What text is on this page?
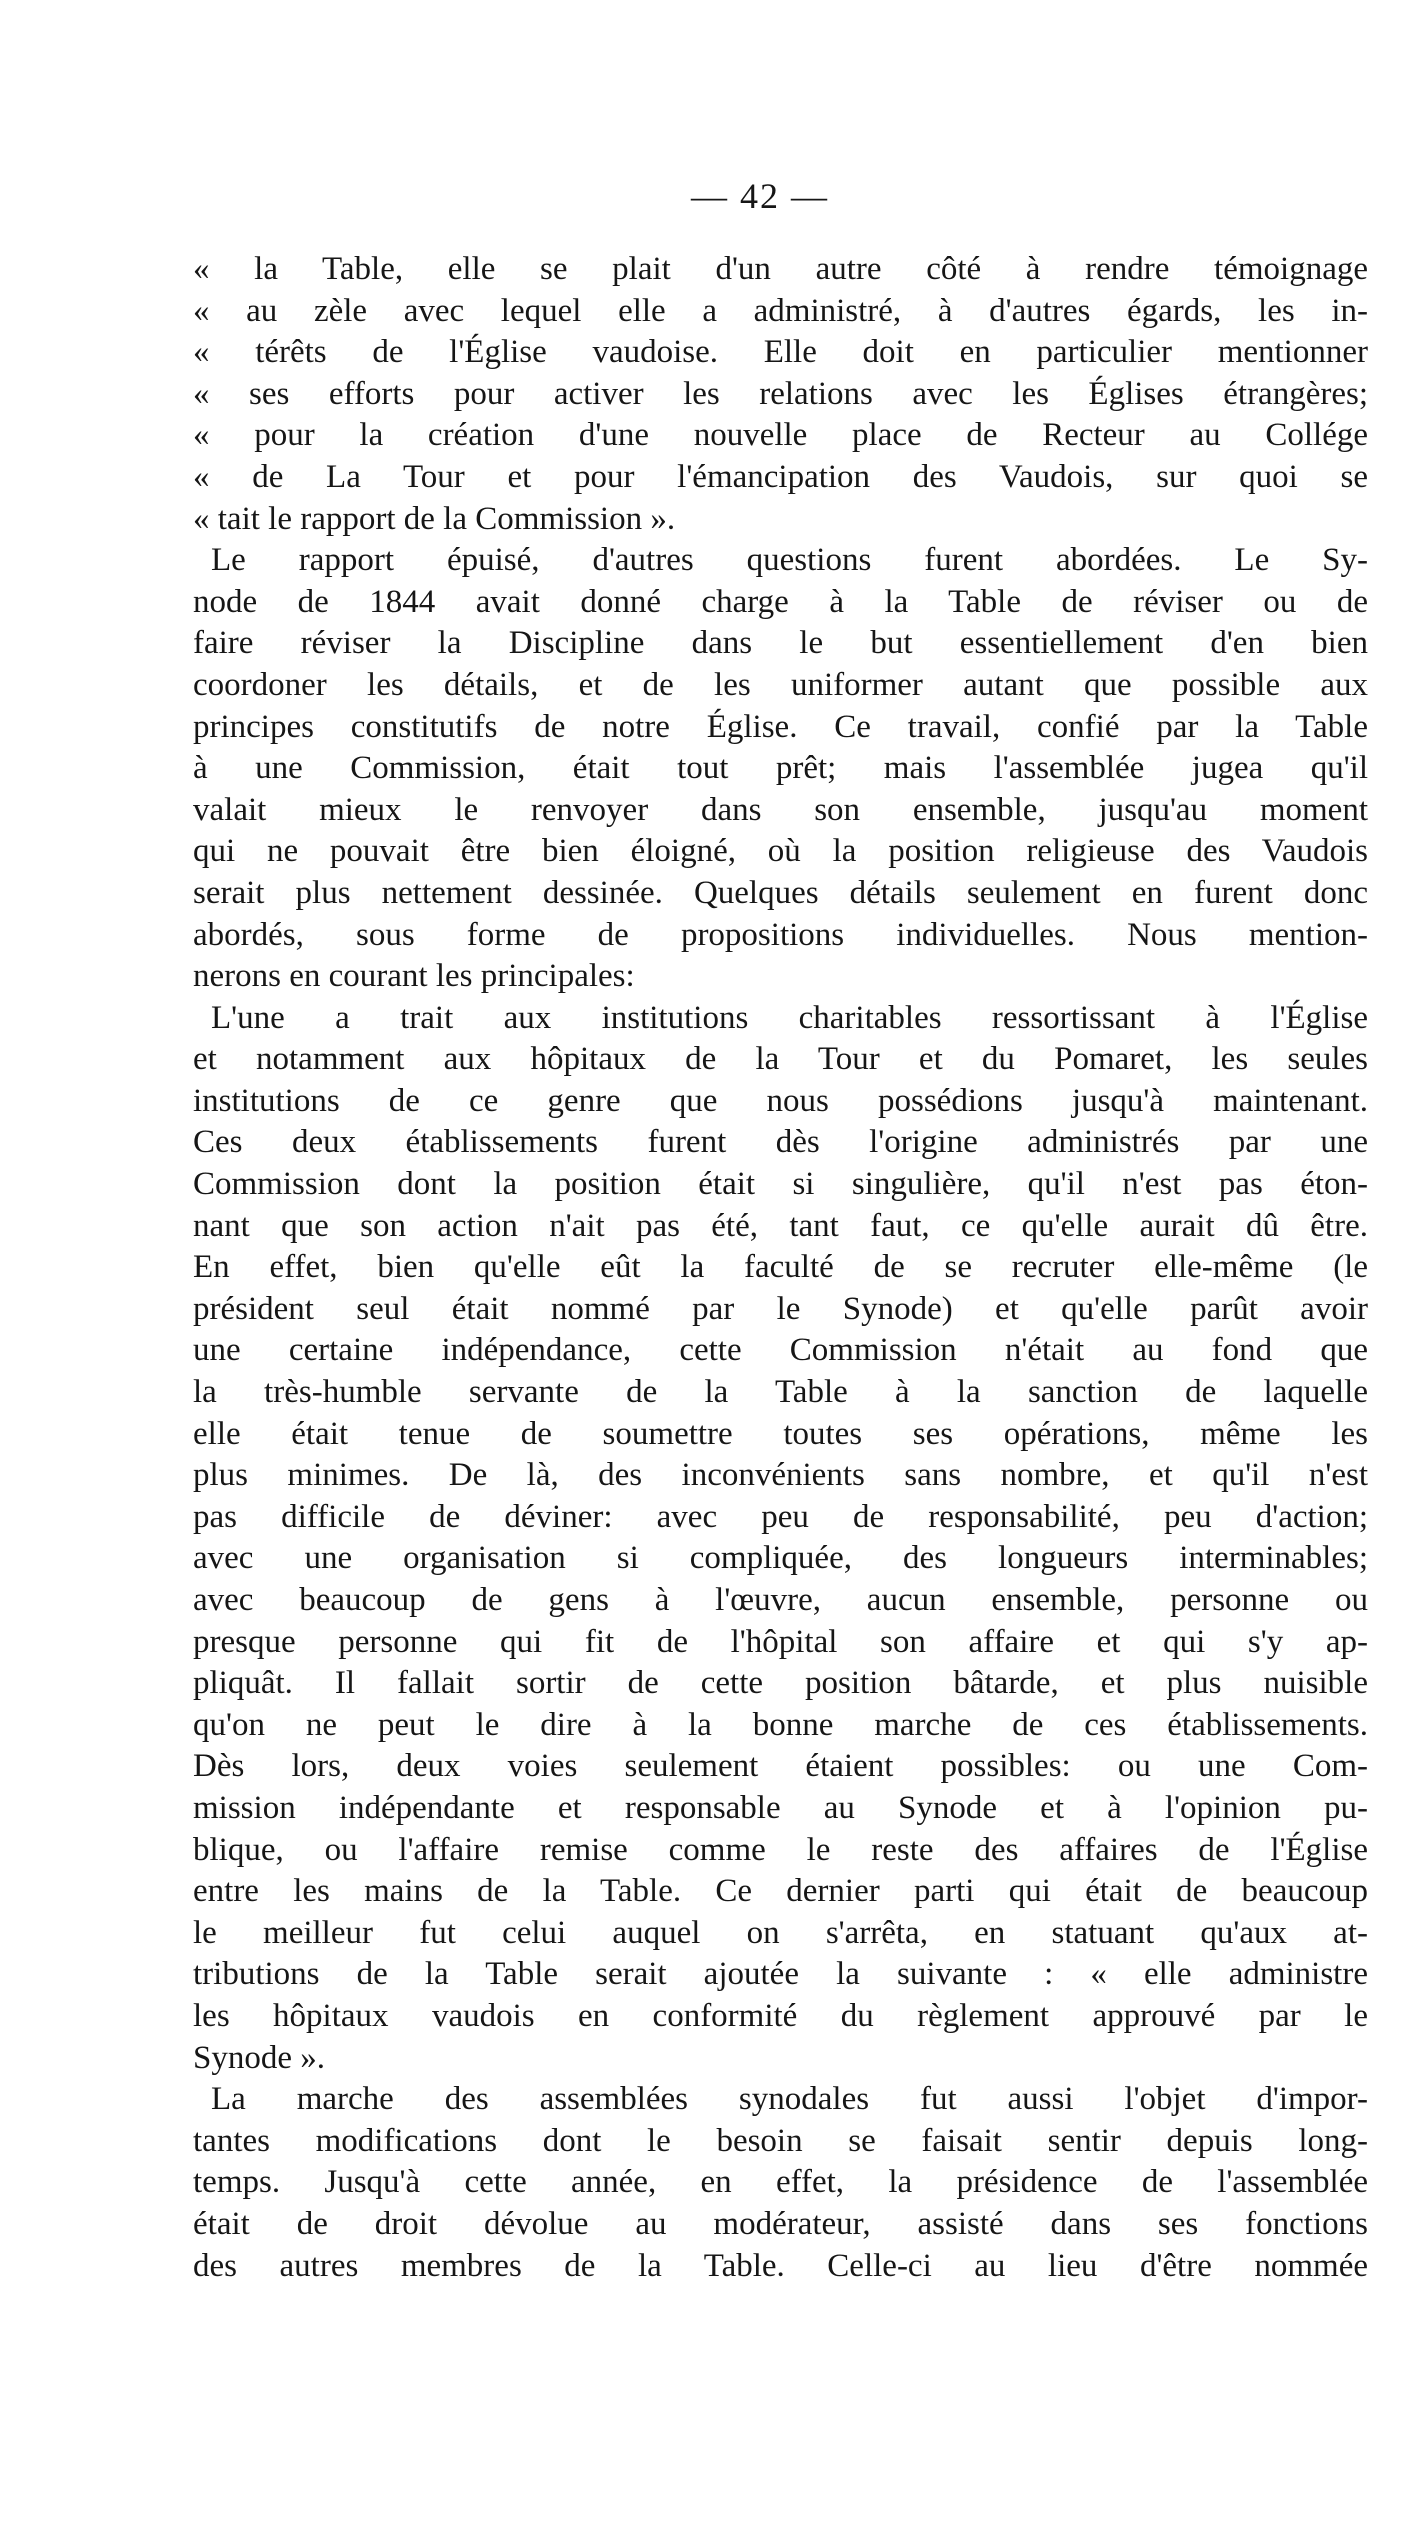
— 42 —
« la Table, elle se plait d'un autre côté à rendre témoignage
« au zèle avec lequel elle a administré, à d'autres égards, les in-
« térêts de l'Église vaudoise. Elle doit en particulier mentionner
« ses efforts pour activer les relations avec les Églises étrangères;
« pour la création d'une nouvelle place de Recteur au Collége
« de La Tour et pour l'émancipation des Vaudois, sur quoi se
« tait le rapport de la Commission ».
Le rapport épuisé, d'autres questions furent abordées. Le Sy-
node de 1844 avait donné charge à la Table de réviser ou de
faire réviser la Discipline dans le but essentiellement d'en bien
coordoner les détails, et de les uniformer autant que possible aux
principes constitutifs de notre Église. Ce travail, confié par la Table
à une Commission, était tout prêt; mais l'assemblée jugea qu'il
valait mieux le renvoyer dans son ensemble, jusqu'au moment
qui ne pouvait être bien éloigné, où la position religieuse des Vaudois
serait plus nettement dessinée. Quelques détails seulement en furent donc
abordés, sous forme de propositions individuelles. Nous mention-
nerons en courant les principales:
L'une a trait aux institutions charitables ressortissant à l'Église
et notamment aux hôpitaux de la Tour et du Pomaret, les seules
institutions de ce genre que nous possédions jusqu'à maintenant.
Ces deux établissements furent dès l'origine administrés par une
Commission dont la position était si singulière, qu'il n'est pas éton-
nant que son action n'ait pas été, tant faut, ce qu'elle aurait dû être.
En effet, bien qu'elle eût la faculté de se recruter elle-même (le
président seul était nommé par le Synode) et qu'elle parût avoir
une certaine indépendance, cette Commission n'était au fond que
la très-humble servante de la Table à la sanction de laquelle
elle était tenue de soumettre toutes ses opérations, même les
plus minimes. De là, des inconvénients sans nombre, et qu'il n'est
pas difficile de déviner: avec peu de responsabilité, peu d'action;
avec une organisation si compliquée, des longueurs interminables;
avec beaucoup de gens à l'œuvre, aucun ensemble, personne ou
presque personne qui fit de l'hôpital son affaire et qui s'y ap-
pliquât. Il fallait sortir de cette position bâtarde, et plus nuisible
qu'on ne peut le dire à la bonne marche de ces établissements.
Dès lors, deux voies seulement étaient possibles: ou une Com-
mission indépendante et responsable au Synode et à l'opinion pu-
blique, ou l'affaire remise comme le reste des affaires de l'Église
entre les mains de la Table. Ce dernier parti qui était de beaucoup
le meilleur fut celui auquel on s'arrêta, en statuant qu'aux at-
tributions de la Table serait ajoutée la suivante : « elle administre
les hôpitaux vaudois en conformité du règlement approuvé par le
Synode ».
La marche des assemblées synodales fut aussi l'objet d'impor-
tantes modifications dont le besoin se faisait sentir depuis long-
temps. Jusqu'à cette année, en effet, la présidence de l'assemblée
était de droit dévolue au modérateur, assisté dans ses fonctions
des autres membres de la Table. Celle-ci au lieu d'être nommée
